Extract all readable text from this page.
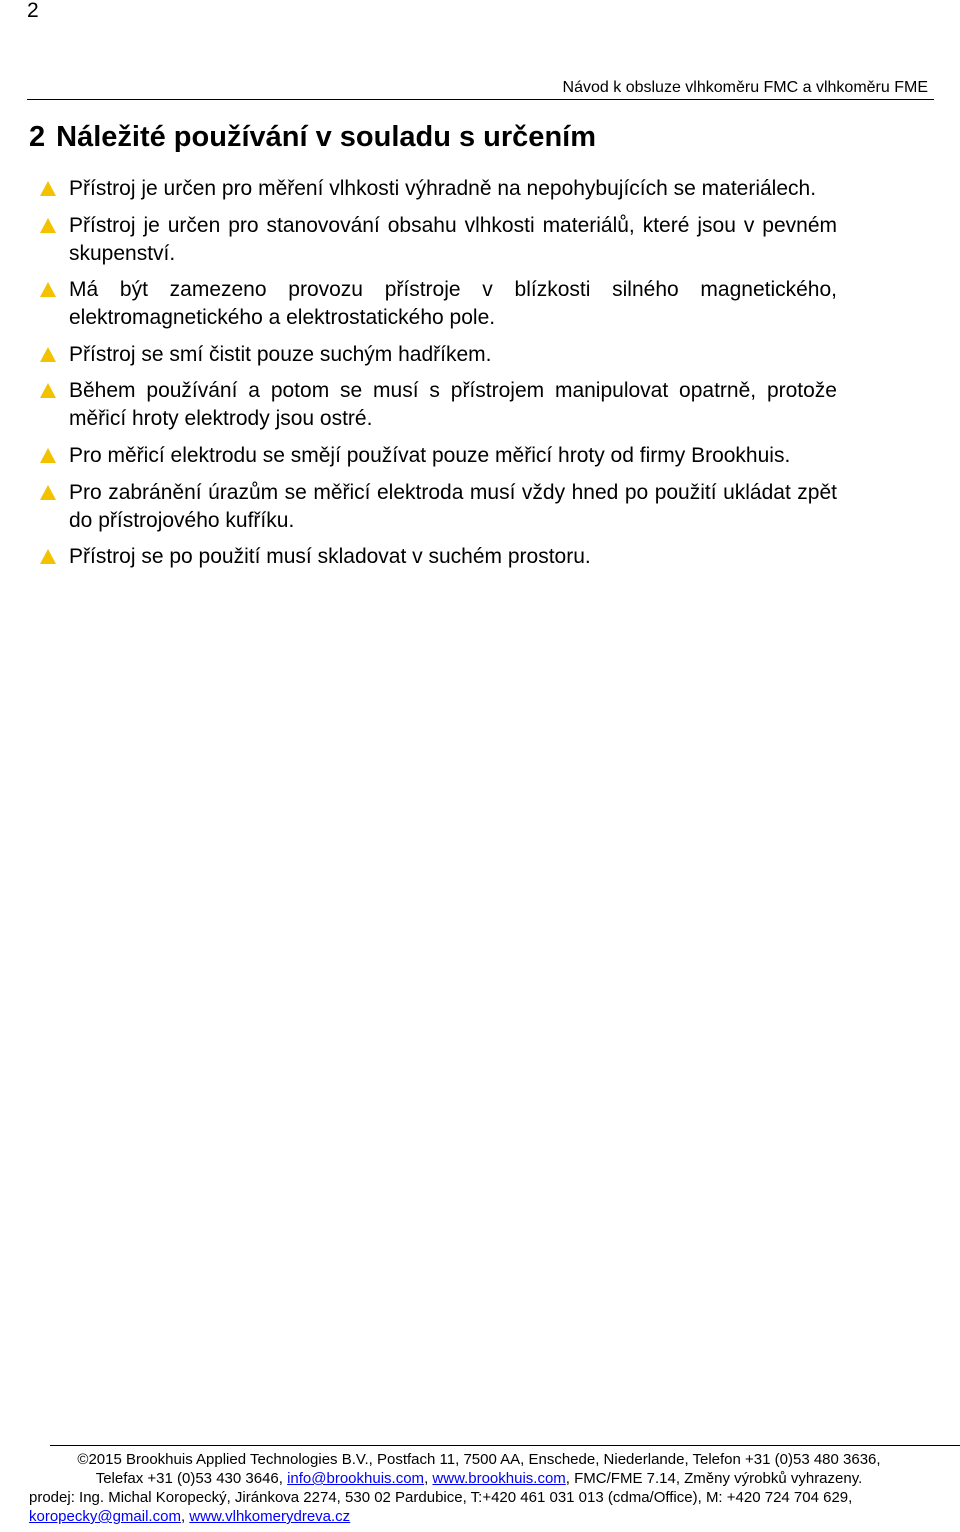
2
Návod k obsluze vlhkoměru FMC a vlhkoměru FME
2 Náležité používání v souladu s určením
Přístroj je určen pro měření vlhkosti výhradně na nepohybujících se materiálech.
Přístroj je určen pro stanovování obsahu vlhkosti materiálů, které jsou v pevném skupenství.
Má být zamezeno provozu přístroje v blízkosti silného magnetického, elektromagnetického a elektrostatického pole.
Přístroj se smí čistit pouze suchým hadříkem.
Během používání a potom se musí s přístrojem manipulovat opatrně, protože měřicí hroty elektrody jsou ostré.
Pro měřicí elektrodu se smějí používat pouze měřicí hroty od firmy Brookhuis.
Pro zabránění úrazům se měřicí elektroda musí vždy hned po použití ukládat zpět do přístrojového kufříku.
Přístroj se po použití musí skladovat v suchém prostoru.
©2015 Brookhuis Applied Technologies B.V., Postfach 11, 7500 AA, Enschede, Niederlande, Telefon +31 (0)53 480 3636,
Telefax +31 (0)53 430 3646, info@brookhuis.com, www.brookhuis.com, FMC/FME 7.14, Změny výrobků vyhrazeny.
prodej: Ing. Michal Koropecký, Jiránkova 2274, 530 02 Pardubice, T:+420 461 031 013 (cdma/Office), M: +420 724 704 629,
koropecky@gmail.com, www.vlhkomerydreva.cz
